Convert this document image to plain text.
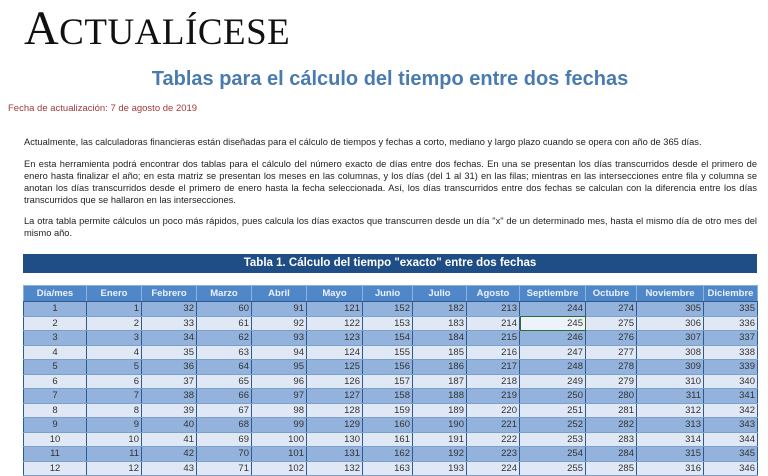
ACTUALÍCESE
Tablas para el cálculo del tiempo entre dos fechas
Fecha de actualización: 7 de agosto de 2019
Actualmente, las calculadoras financieras están diseñadas para el cálculo de tiempos y fechas a corto, mediano y largo plazo cuando se opera con año de 365 días.
En esta herramienta podrá encontrar dos tablas para el cálculo del número exacto de días entre dos fechas. En una se presentan los días transcurridos desde el primero de enero hasta finalizar el año; en esta matriz se presentan los meses en las columnas, y los días (del 1 al 31) en las filas; mientras en las intersecciones entre fila y columna se anotan los días transcurridos desde el primero de enero hasta la fecha seleccionada. Así, los días transcurridos entre dos fechas se calculan con la diferencia entre los días transcurridos que se hallaron en las intersecciones.
La otra tabla permite cálculos un poco más rápidos, pues calcula los días exactos que transcurren desde un día "x" de un determinado mes, hasta el mismo día de otro mes del mismo año.
Tabla 1. Cálculo del tiempo "exacto" entre dos fechas
Día/mes	Enero	Febrero	Marzo	Abril	Mayo	Junio	Julio	Agosto	Septiembre	Octubre	Noviembre	Diciembre
1	1	32	60	91	121	152	182	213	244	274	305	335
2	2	33	61	92	122	153	183	214	245	275	306	336
3	3	34	62	93	123	154	184	215	246	276	307	337
4	4	35	63	94	124	155	185	216	247	277	308	338
5	5	36	64	95	125	156	186	217	248	278	309	339
6	6	37	65	96	126	157	187	218	249	279	310	340
7	7	38	66	97	127	158	188	219	250	280	311	341
8	8	39	67	98	128	159	189	220	251	281	312	342
9	9	40	68	99	129	160	190	221	252	282	313	343
10	10	41	69	100	130	161	191	222	253	283	314	344
11	11	42	70	101	131	162	192	223	254	284	315	345
12	12	43	71	102	132	163	193	224	255	285	316	346
